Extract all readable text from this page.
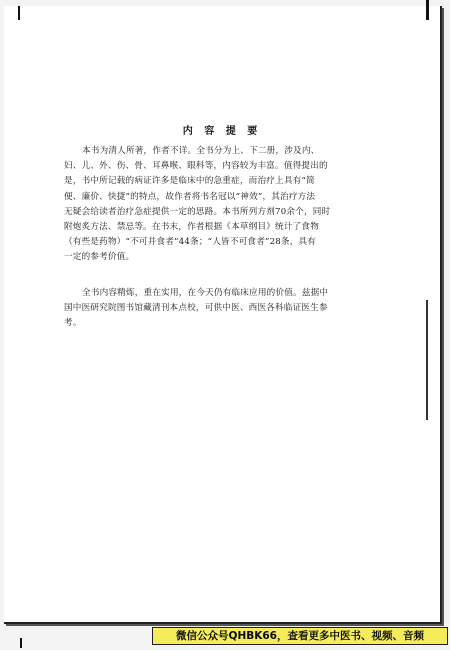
内 容 提 要
本书为清人所著，作者不详。全书分为上、下二册，涉及内、
妇、儿、外、伤、骨、耳鼻喉、眼科等，内容较为丰富。值得提出的
是，书中所记载的病证许多是临床中的急重症，而治疗上具有“简
便、廉价、快捷”的特点，故作者将书名冠以“神效”，其治疗方法
无疑会给读者治疗急症提供一定的思路。本书所列方剂70余个，同时
附炮炙方法、禁忌等。在书末，作者根据《本草纲目》统计了食物
（有些是药物）“不可并食者”44条；“人皆不可食者”28条，具有
一定的参考价值。
全书内容精炼，重在实用，在今天仍有临床应用的价值。兹据中
国中医研究院图书馆藏清刊本点校，可供中医、西医各科临证医生参
考。
微信公众号QHBK66，查看更多中医书、视频、音频
